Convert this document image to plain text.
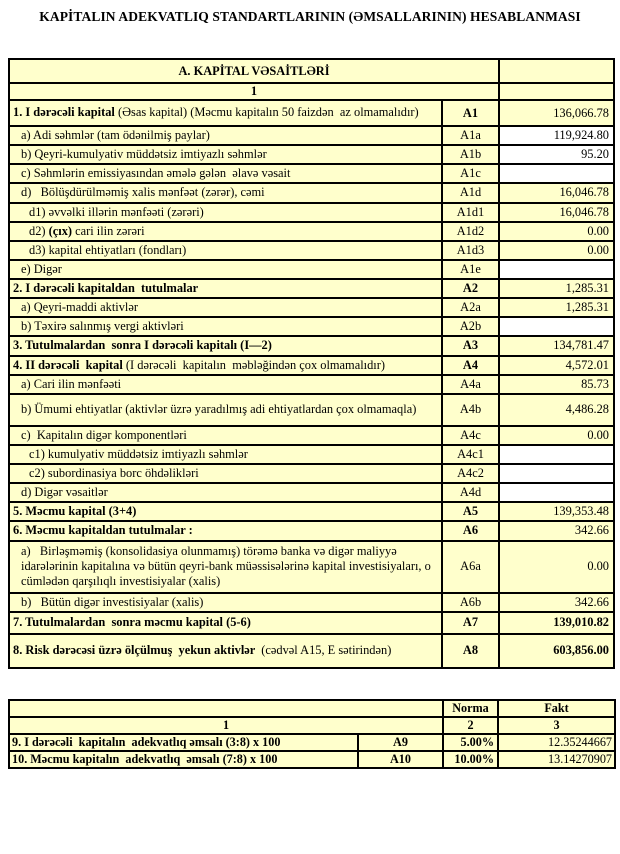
KAPİTALIN ADEKVATLIQ STANDARTLARININ (ƏMSALLARININ) HESABLANMASI
A. KAPİTAL VƏSAİTLƏRİ		
1		
1. I dərəcəli kapital (Əsas kapital) (Məcmu kapitalın 50 faizdən  az olmamalıdır)	A1	136,066.78
a) Adi səhmlər (tam ödənilmiş paylar)	A1a	119,924.80
b) Qeyri-kumulyativ müddətsiz imtiyazlı səhmlər	A1b	95.20
c) Səhmlərin emissiyasından əmələ gələn  əlavə vəsait	A1c	
d)   Bölüşdürülməmiş xalis mənfəət (zərər), cəmi	A1d	16,046.78
d1) əvvəlki illərin mənfəəti (zərəri)	A1d1	16,046.78
d2) (çıx) cari ilin zərəri	A1d2	0.00
d3) kapital ehtiyatları (fondları)	A1d3	0.00
e) Digər	A1e	
2. I dərəcəli kapitaldan  tutulmalar	A2	1,285.31
a) Qeyri-maddi aktivlər	A2a	1,285.31
b) Təxirə salınmış vergi aktivləri	A2b	
3. Tutulmalardan  sonra I dərəcəli kapitalı (I—2)	A3	134,781.47
4. II dərəcəli  kapital (I dərəcəli  kapitalın  məbləğindən çox olmamalıdır)	A4	4,572.01
a) Cari ilin mənfəəti	A4a	85.73
b) Ümumi ehtiyatlar (aktivlər üzrə yaradılmış adi ehtiyatlardan çox olmamaqla)	A4b	4,486.28
c)  Kapitalın digər komponentləri	A4c	0.00
c1) kumulyativ müddətsiz imtiyazlı səhmlər	A4c1	
c2) subordinasiya borc öhdəlikləri	A4c2	
d) Digər vəsaitlər	A4d	
5. Məcmu kapital (3+4)	A5	139,353.48
6. Məcmu kapitaldan tutulmalar :	A6	342.66
a)   Birləşməmiş (konsolidasiya olunmamış) törəmə banka və digər maliyyə idarələrinin kapitalına və bütün qeyri-bank müəssisələrinə kapital investisiyaları, o cümlədən qarşılıqlı investisiyalar (xalis)	A6a	0.00
b)   Bütün digər investisiyalar (xalis)	A6b	342.66
7. Tutulmalardan  sonra məcmu kapital (5-6)	A7	139,010.82
8. Risk dərəcəsi üzrə ölçülmuş  yekun aktivlər  (cədvəl A15, E sətirindən)	A8	603,856.00
		Norma	Fakt
1		2	3
9. I dərəcəli  kapitalın  adekvatlıq əmsalı (3:8) x 100	A9	5.00%	12.35244667
10. Məcmu kapitalın  adekvatlıq  əmsalı (7:8) x 100	A10	10.00%	13.14270907
